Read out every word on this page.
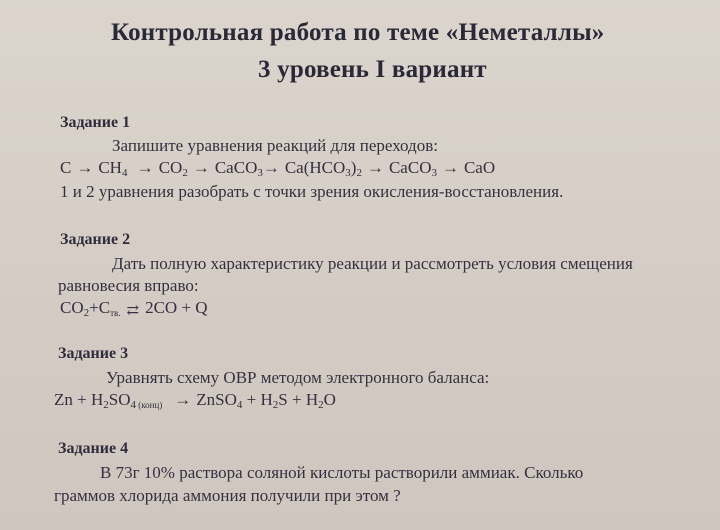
Контрольная работа по теме «Неметаллы»
3 уровень I вариант
Задание 1
Запишите уравнения реакций для переходов:
$C \to CH_4 \to CO_2$ → CaCO$_3$→ $Ca(HCO_3)_2$ → CaCO$_3$ → CaO
1 и 2 уравнения разобрать с точки зрения окисления-восстановления.
Задание 2
Дать полную характеристику реакции и рассмотреть условия смещения
равновесия вправо:
$CO_2+C_{тв.}$ ⇄ 2CO + Q
Задание 3
Уравнять схему ОВР методом электронного баланса:
$Zn + H_2SO_4$ $_{(конц)}$ → ZnSO$_4$ + $H_2S + H_2O$
Задание 4
В 73г 10% раствора соляной кислоты растворили аммиак. Сколько
граммов хлорида аммония получили при этом ?
